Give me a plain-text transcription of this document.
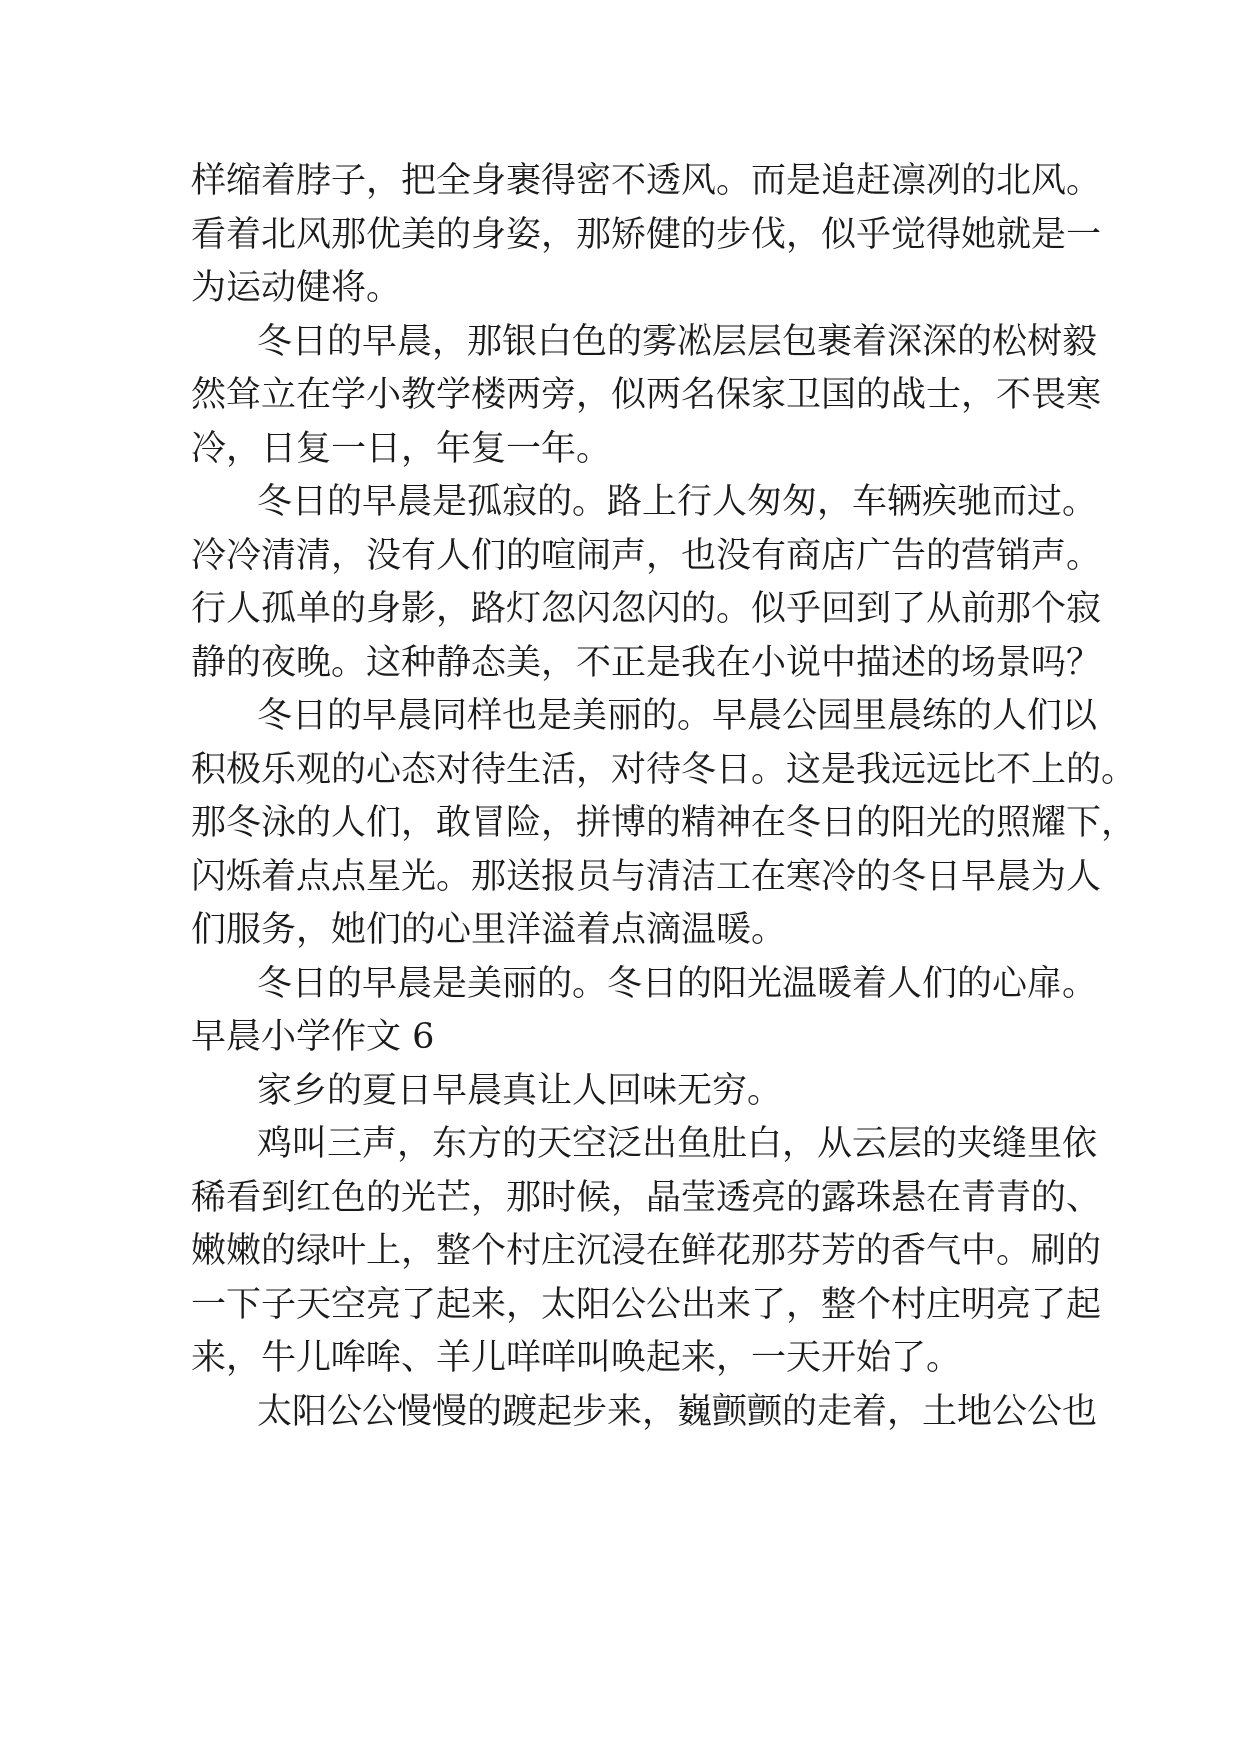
样缩着脖子，把全身裹得密不透风。而是追赶凛冽的北风。
看着北风那优美的身姿，那矫健的步伐，似乎觉得她就是一
为运动健将。
冬日的早晨，那银白色的雾凇层层包裹着深深的松树毅
然耸立在学小教学楼两旁，似两名保家卫国的战士，不畏寒
冷，日复一日，年复一年。
冬日的早晨是孤寂的。路上行人匆匆，车辆疾驰而过。
冷冷清清，没有人们的喧闹声，也没有商店广告的营销声。
行人孤单的身影，路灯忽闪忽闪的。似乎回到了从前那个寂
静的夜晚。这种静态美，不正是我在小说中描述的场景吗？
冬日的早晨同样也是美丽的。早晨公园里晨练的人们以
积极乐观的心态对待生活，对待冬日。这是我远远比不上的。
那冬泳的人们，敢冒险，拼博的精神在冬日的阳光的照耀下，
闪烁着点点星光。那送报员与清洁工在寒冷的冬日早晨为人
们服务，她们的心里洋溢着点滴温暖。
冬日的早晨是美丽的。冬日的阳光温暖着人们的心扉。
早晨小学作文 6
家乡的夏日早晨真让人回味无穷。
鸡叫三声，东方的天空泛出鱼肚白，从云层的夹缝里依
稀看到红色的光芒，那时候，晶莹透亮的露珠悬在青青的、
嫩嫩的绿叶上，整个村庄沉浸在鲜花那芬芳的香气中。刷的
一下子天空亮了起来，太阳公公出来了，整个村庄明亮了起
来，牛儿哞哞、羊儿咩咩叫唤起来，一天开始了。
太阳公公慢慢的踱起步来，巍颤颤的走着，土地公公也
